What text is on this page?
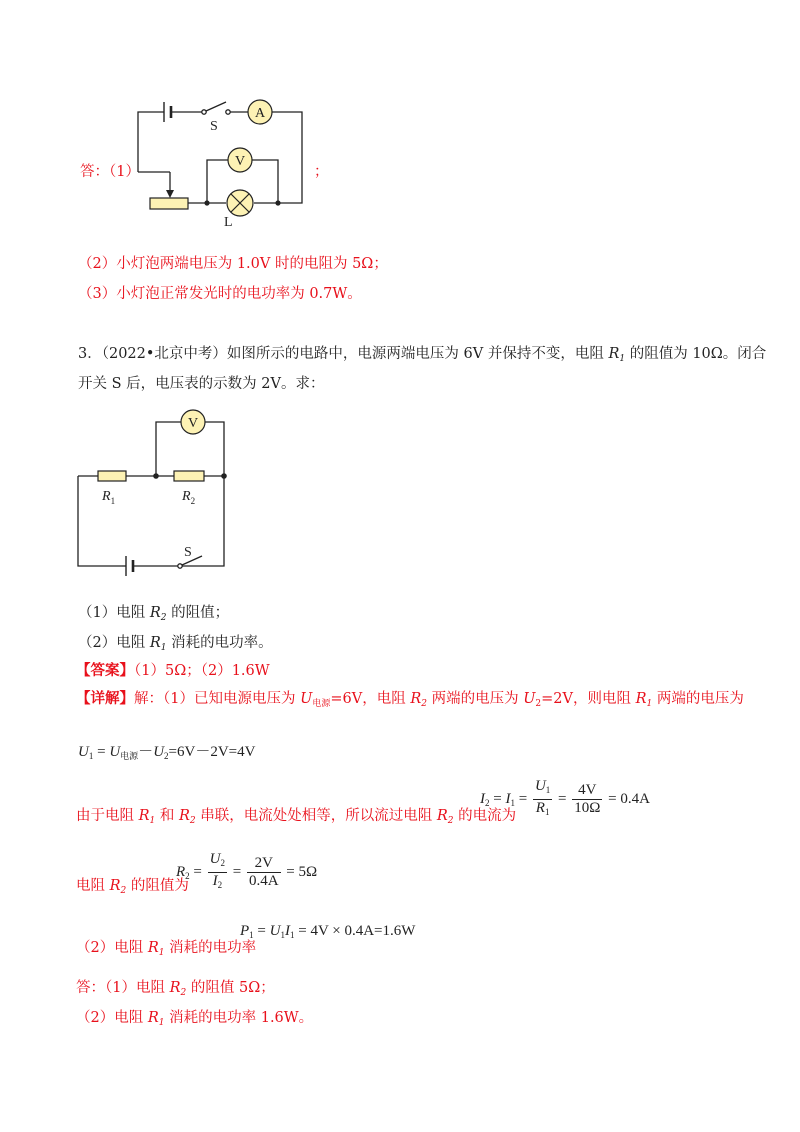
答：（1）
A
V
S
L
；
（2）小灯泡两端电压为 1.0V 时的电阻为 5Ω；
（3）小灯泡正常发光时的电功率为 0.7W。
3．（2022•北京中考）如图所示的电路中，电源两端电压为 6V 并保持不变，电阻 $R_1$ 的阻值为 10Ω。闭合
开关 S 后，电压表的示数为 2V。求：
V
$R_1$	$R_2$
S
（1）电阻 $R_2$ 的阻值；
（2）电阻 $R_1$ 消耗的电功率。
【答案】（1）5Ω；（2）1.6W
【详解】解：（1）已知电源电压为 $U_{电源}=6V$，电阻 $R_2$ 两端的电压为 $U_2=2V$，则电阻 $R_1$ 两端的电压为
$U_1 = U_{电源}-U_2=6V-2V=4V$
由于电阻 $R_1$ 和 $R_2$ 串联，电流处处相等，所以流过电阻 $R_2$ 的电流为
$I_2 = I_1 = \frac{U_1}{R_1} = \frac{4V}{10\Omega} = 0.4A$
电阻 $R_2$ 的阻值为
$R_2 = \frac{U_2}{I_2} = \frac{2V}{0.4A} = 5\Omega$
（2）电阻 $R_1$ 消耗的电功率
$P_1 = U_1I_1 = 4V \times 0.4A=1.6W$
答：（1）电阻 $R_2$ 的阻值 5Ω；
（2）电阻 $R_1$ 消耗的电功率 1.6W。
